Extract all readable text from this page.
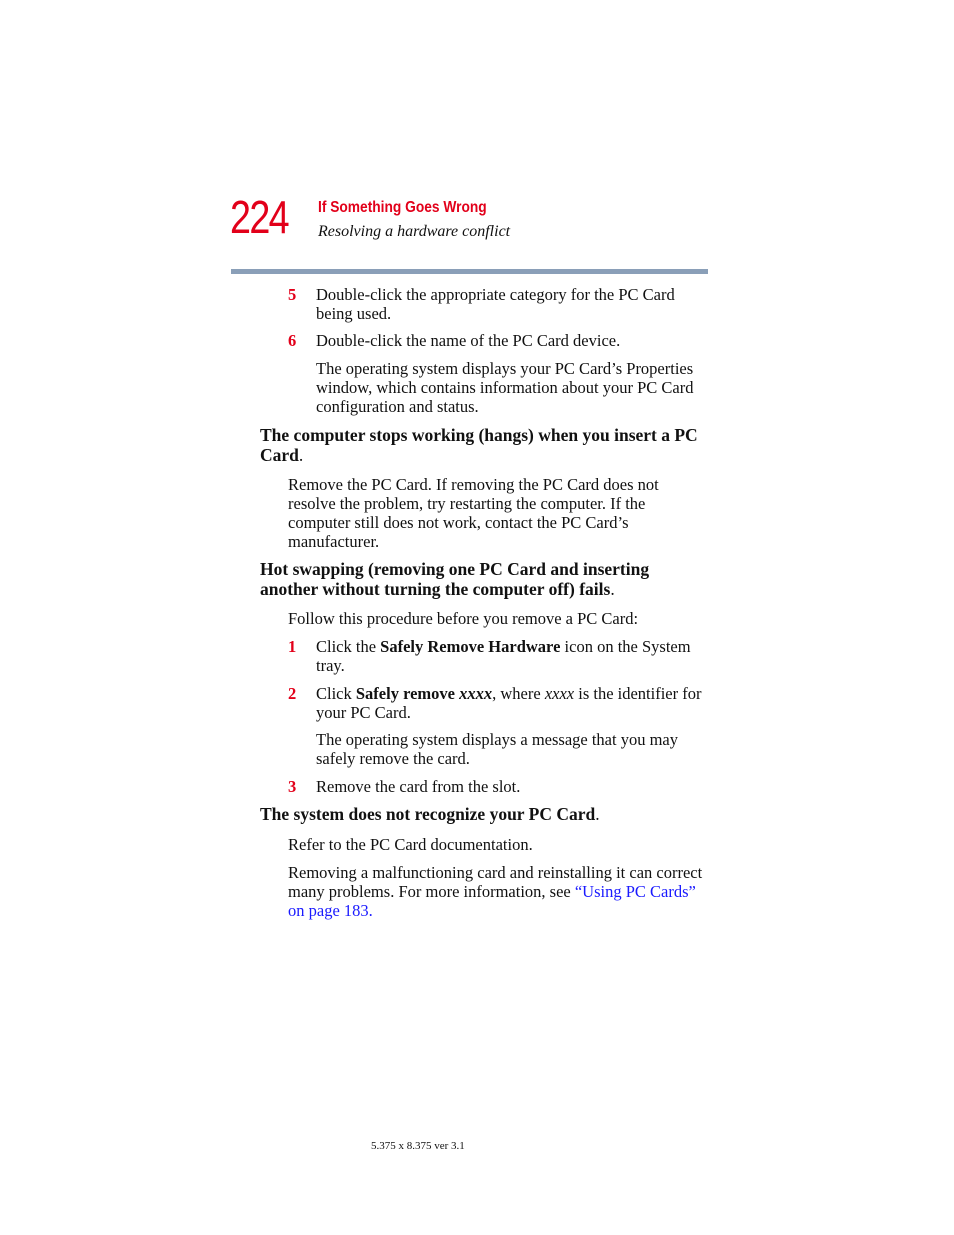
224 If Something Goes Wrong
Resolving a hardware conflict
5 Double-click the appropriate category for the PC Card being used.
6 Double-click the name of the PC Card device.
The operating system displays your PC Card’s Properties window, which contains information about your PC Card configuration and status.
The computer stops working (hangs) when you insert a PC Card.
Remove the PC Card. If removing the PC Card does not resolve the problem, try restarting the computer. If the computer still does not work, contact the PC Card’s manufacturer.
Hot swapping (removing one PC Card and inserting another without turning the computer off) fails.
Follow this procedure before you remove a PC Card:
1 Click the Safely Remove Hardware icon on the System tray.
2 Click Safely remove xxxx, where xxxx is the identifier for your PC Card.
The operating system displays a message that you may safely remove the card.
3 Remove the card from the slot.
The system does not recognize your PC Card.
Refer to the PC Card documentation.
Removing a malfunctioning card and reinstalling it can correct many problems. For more information, see “Using PC Cards” on page 183.
5.375 x 8.375 ver 3.1
